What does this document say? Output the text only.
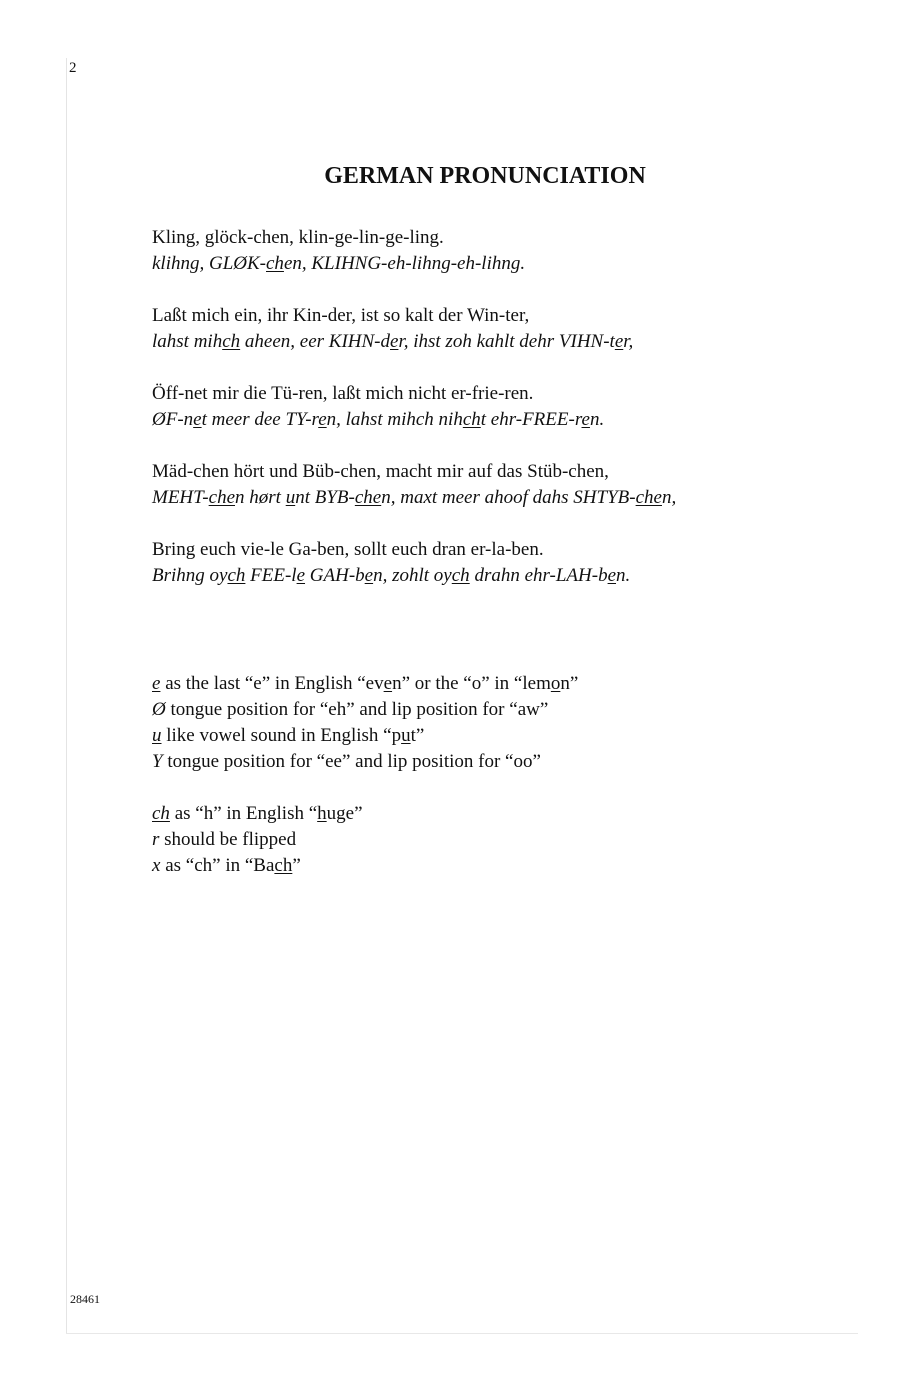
2
GERMAN PRONUNCIATION

Kling, glöck-chen, klin-ge-lin-ge-ling.
klihng, GLØK-chen, KLIHNG-eh-lihng-eh-lihng.

Laßt mich ein, ihr Kin-der, ist so kalt der Win-ter,
lahst mihch aheen, eer KIHN-der, ihst zoh kahlt dehr VIHN-ter,

Öff-net mir die Tü-ren, laßt mich nicht er-frie-ren.
ØF-net meer dee TY-ren, lahst mihch nihcht ehr-FREE-ren.

Mäd-chen hört und Büb-chen, macht mir auf das Stüb-chen,
MEHT-chen hørt unt BYB-chen, maxt meer ahoof dahs SHTYB-chen,

Bring euch vie-le Ga-ben, sollt euch dran er-la-ben.
Brihng oych FEE-le GAH-ben, zohlt oych drahn ehr-LAH-ben.

e as the last “e” in English “even” or the “o” in “lemon”
Ø tongue position for “eh” and lip position for “aw”
u like vowel sound in English “put”
Y tongue position for “ee” and lip position for “oo”
ch as “h” in English “huge”
r should be flipped
x as “ch” in “Bach”
28461
